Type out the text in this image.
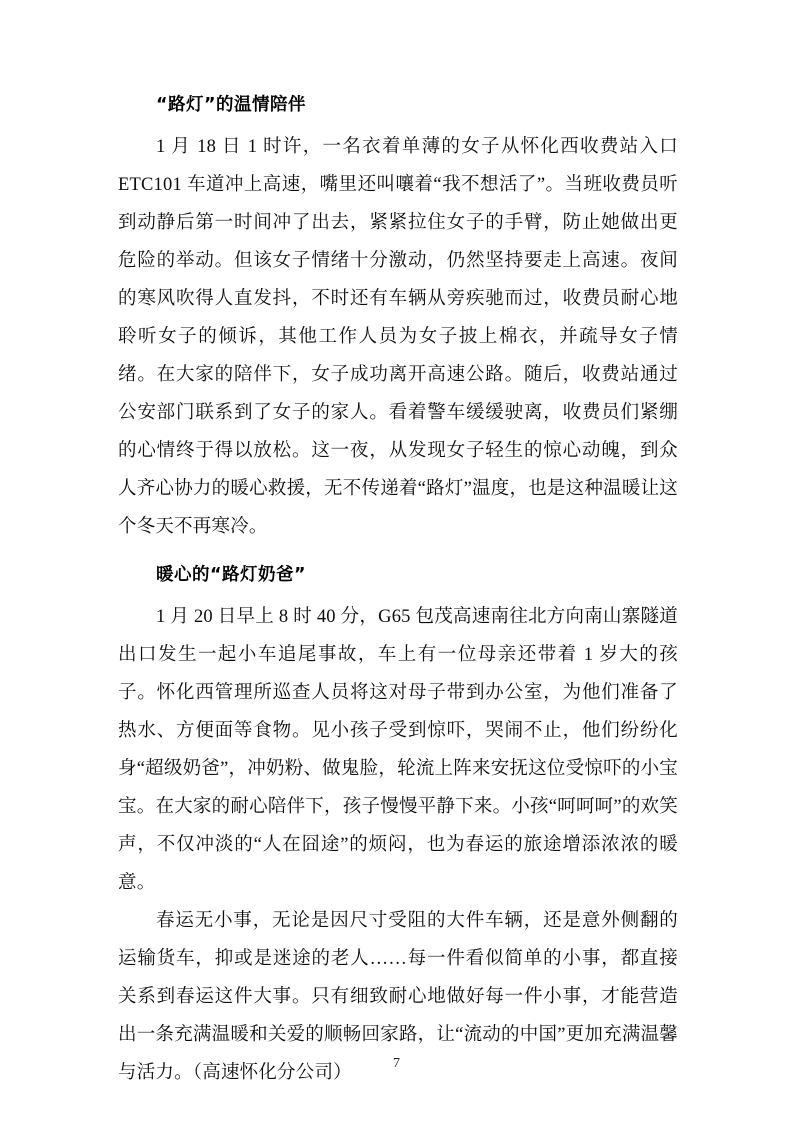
“路灯”的温情陪伴

1 月 18 日 1 时许，一名衣着单薄的女子从怀化西收费站入口 ETC101 车道冲上高速，嘴里还叫嚷着“我不想活了”。当班收费员听到动静后第一时间冲了出去，紧紧拉住女子的手臂，防止她做出更危险的举动。但该女子情绪十分激动，仍然坚持要走上高速。夜间的寒风吹得人直发抖，不时还有车辆从旁疾驰而过，收费员耐心地聆听女子的倾诉，其他工作人员为女子披上棉衣，并疏导女子情绪。在大家的陪伴下，女子成功离开高速公路。随后，收费站通过公安部门联系到了女子的家人。看着警车缓缓驶离，收费员们紧绷的心情终于得以放松。这一夜，从发现女子轻生的惊心动魄，到众人齐心协力的暖心救援，无不传递着“路灯”温度，也是这种温暖让这个冬天不再寒冷。

暖心的“路灯奶爸”

1 月 20 日早上 8 时 40 分，G65 包茂高速南往北方向南山寨隧道出口发生一起小车追尾事故，车上有一位母亲还带着 1 岁大的孩子。怀化西管理所巡查人员将这对母子带到办公室，为他们准备了热水、方便面等食物。见小孩子受到惊吓，哭闹不止，他们纷纷化身“超级奶爸”，冲奶粉、做鬼脸，轮流上阵来安抚这位受惊吓的小宝宝。在大家的耐心陪伴下，孩子慢慢平静下来。小孩“呵呵呵”的欢笑声，不仅冲淡的“人在囧途”的烦闷，也为春运的旅途增添浓浓的暖意。

春运无小事，无论是因尺寸受阻的大件车辆，还是意外侧翻的运输货车，抑或是迷途的老人……每一件看似简单的小事，都直接关系到春运这件大事。只有细致耐心地做好每一件小事，才能营造出一条充满温暖和关爱的顺畅回家路，让“流动的中国”更加充满温馨与活力。（高速怀化分公司）	7
